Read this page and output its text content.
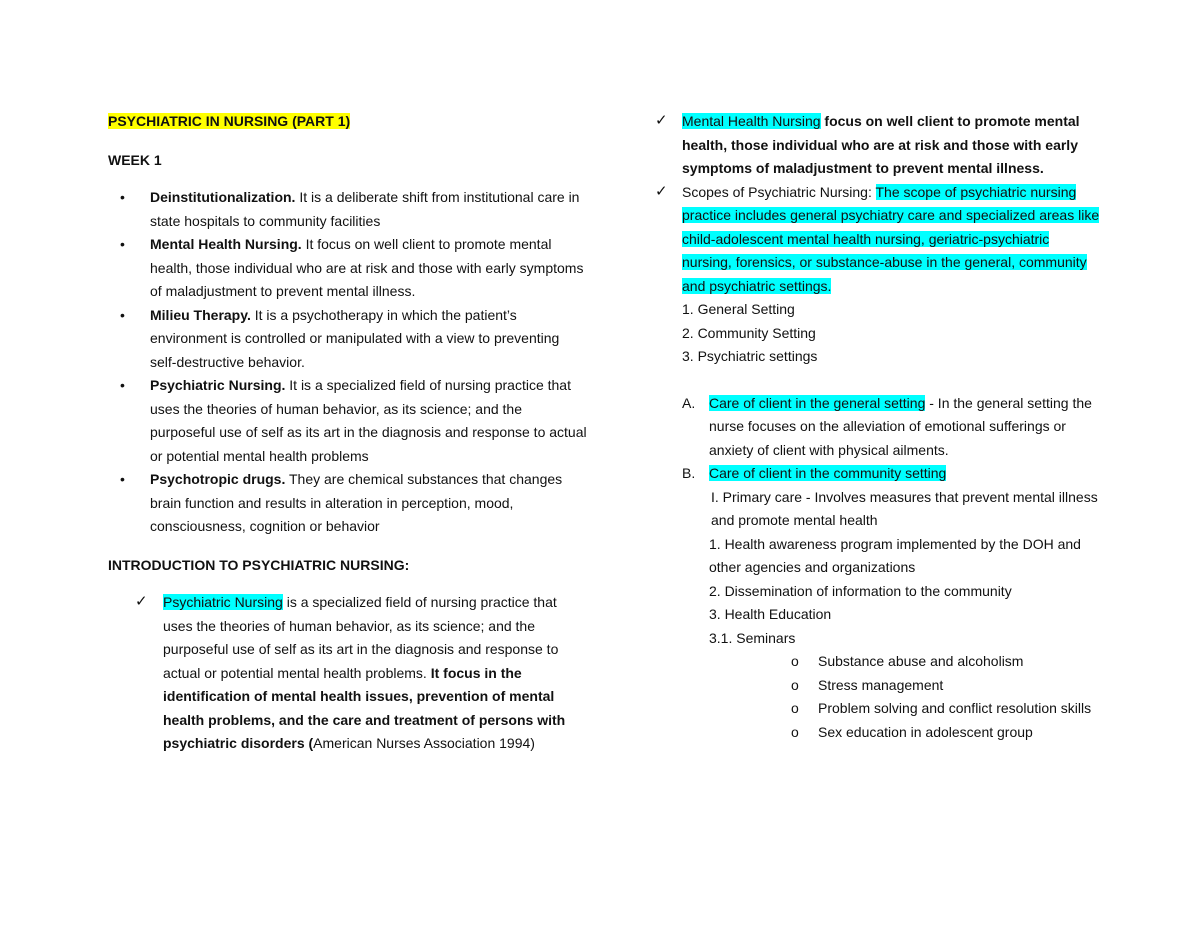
PSYCHIATRIC IN NURSING (PART 1)
WEEK 1
• Deinstitutionalization. It is a deliberate shift from institutional care in state hospitals to community facilities
• Mental Health Nursing. It focus on well client to promote mental health, those individual who are at risk and those with early symptoms of maladjustment to prevent mental illness.
• Milieu Therapy. It is a psychotherapy in which the patient’s environment is controlled or manipulated with a view to preventing self-destructive behavior.
• Psychiatric Nursing. It is a specialized field of nursing practice that uses the theories of human behavior, as its science; and the purposeful use of self as its art in the diagnosis and response to actual or potential mental health problems
• Psychotropic drugs. They are chemical substances that changes brain function and results in alteration in perception, mood, consciousness, cognition or behavior
INTRODUCTION TO PSYCHIATRIC NURSING:
✓ Psychiatric Nursing is a specialized field of nursing practice that uses the theories of human behavior, as its science; and the purposeful use of self as its art in the diagnosis and response to actual or potential mental health problems. It focus in the identification of mental health issues, prevention of mental health problems, and the care and treatment of persons with psychiatric disorders (American Nurses Association 1994)
✓ Mental Health Nursing focus on well client to promote mental health, those individual who are at risk and those with early symptoms of maladjustment to prevent mental illness.
✓ Scopes of Psychiatric Nursing: The scope of psychiatric nursing practice includes general psychiatry care and specialized areas like child-adolescent mental health nursing, geriatric-psychiatric nursing, forensics, or substance-abuse in the general, community and psychiatric settings.
1. General Setting
2. Community Setting
3. Psychiatric settings
A. Care of client in the general setting - In the general setting the nurse focuses on the alleviation of emotional sufferings or anxiety of client with physical ailments.
B. Care of client in the community setting
I. Primary care - Involves measures that prevent mental illness and promote mental health
1. Health awareness program implemented by the DOH and other agencies and organizations
2. Dissemination of information to the community
3. Health Education
3.1. Seminars
o Substance abuse and alcoholism
o Stress management
o Problem solving and conflict resolution skills
o Sex education in adolescent group
